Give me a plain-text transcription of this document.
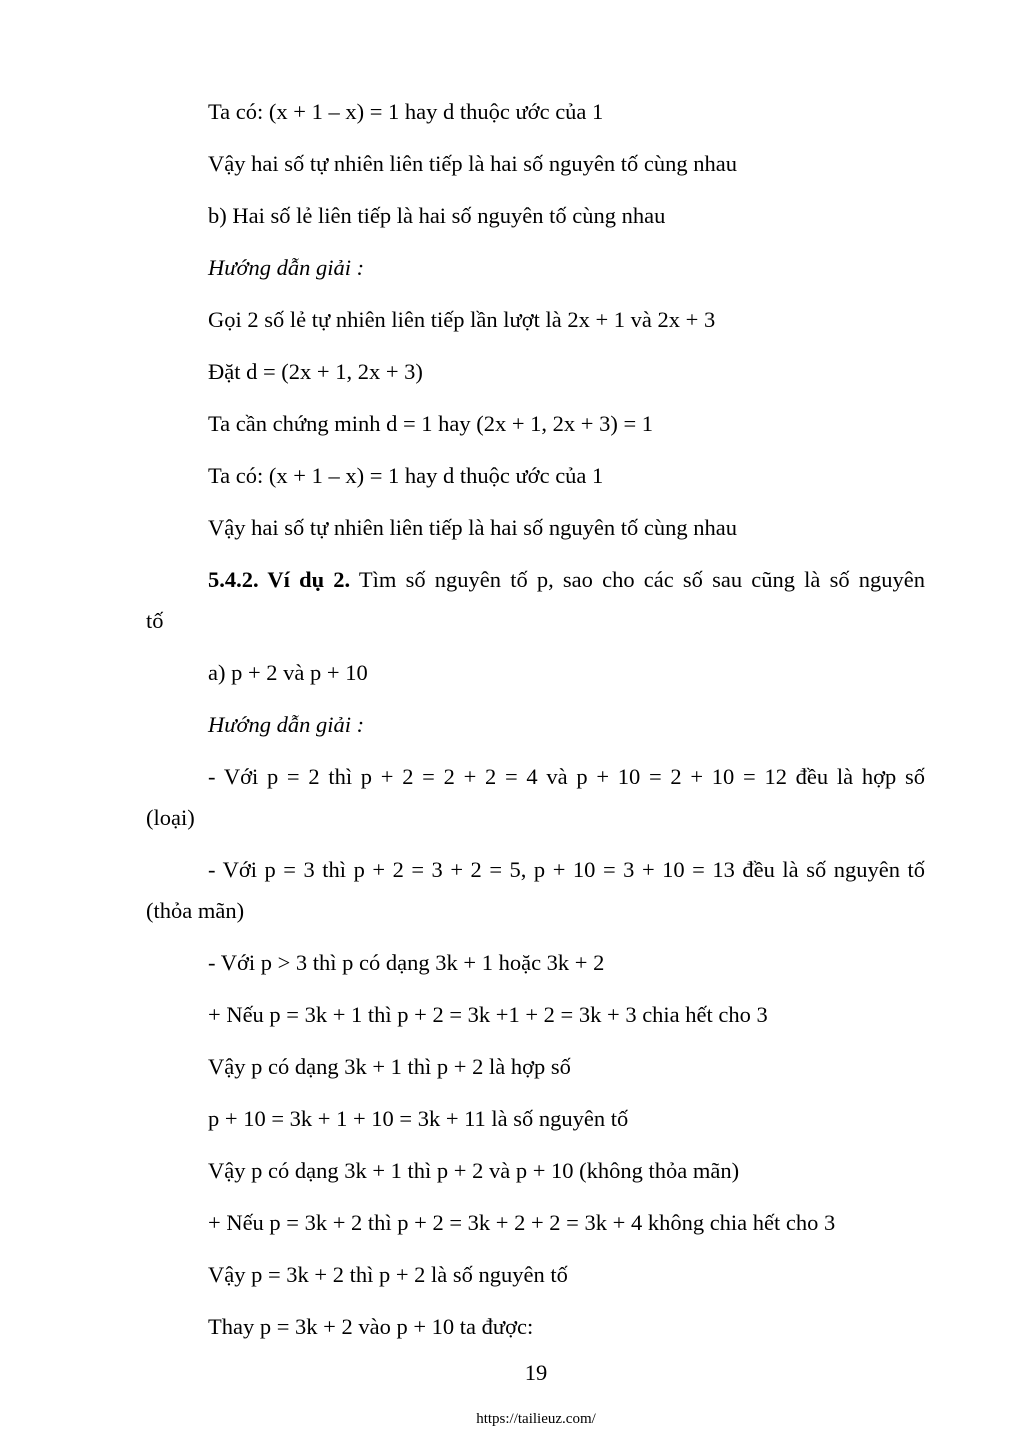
Ta có: (x + 1 – x) = 1 hay d thuộc ước của 1
Vậy hai số tự nhiên liên tiếp là hai số nguyên tố cùng nhau
b) Hai số lẻ liên tiếp là hai số nguyên tố cùng nhau
Hướng dẫn giải :
Gọi 2 số lẻ tự nhiên liên tiếp lần lượt là 2x + 1 và 2x + 3
Đặt d = (2x + 1, 2x + 3)
Ta cần chứng minh d = 1 hay (2x + 1, 2x + 3) = 1
Ta có: (x + 1 – x) = 1 hay d thuộc ước của 1
Vậy hai số tự nhiên liên tiếp là hai số nguyên tố cùng nhau
5.4.2. Ví dụ 2. Tìm số nguyên tố p, sao cho các số sau cũng là số nguyên
tố
a) p + 2 và p + 10
Hướng dẫn giải :
- Với p = 2 thì p + 2 = 2 + 2 = 4 và p + 10 = 2 + 10 = 12 đều là hợp số
(loại)
- Với p = 3 thì p + 2 = 3 + 2 = 5, p + 10 = 3 + 10 = 13 đều là số nguyên tố
(thỏa mãn)
- Với p > 3 thì p có dạng 3k + 1 hoặc 3k + 2
+ Nếu p = 3k + 1 thì p + 2 = 3k +1 + 2 = 3k + 3 chia hết cho 3
Vậy p có dạng 3k + 1 thì p + 2 là hợp số
p + 10 = 3k + 1 + 10 = 3k + 11 là số nguyên tố
Vậy p có dạng 3k + 1 thì p + 2 và p + 10 (không thỏa mãn)
+ Nếu p = 3k + 2 thì p + 2 = 3k + 2 + 2 = 3k + 4 không chia hết cho 3
Vậy p = 3k + 2 thì p + 2 là số nguyên tố
Thay p = 3k + 2 vào p + 10 ta được:
19
https://tailieuz.com/
